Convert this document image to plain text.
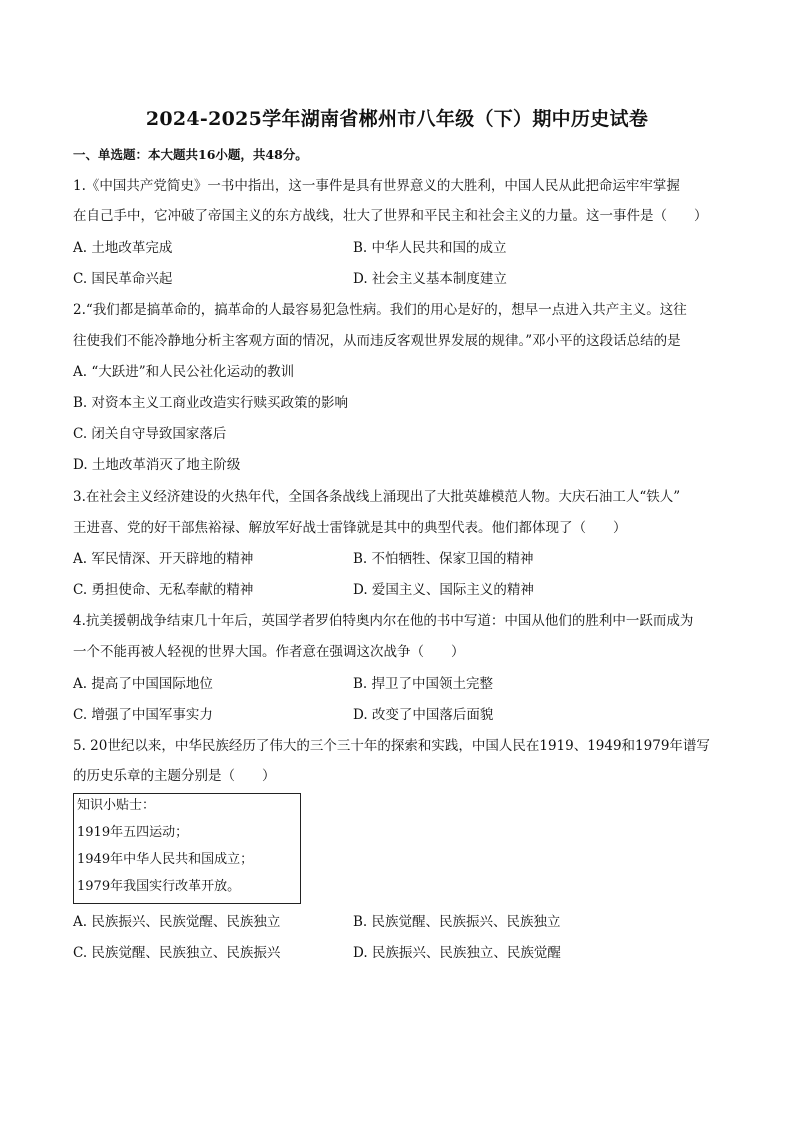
2024-2025学年湖南省郴州市八年级（下）期中历史试卷
一、单选题：本大题共16小题，共48分。
1.《中国共产党简史》一书中指出，这一事件是具有世界意义的大胜利，中国人民从此把命运牢牢掌握
在自己手中，它冲破了帝国主义的东方战线，壮大了世界和平民主和社会主义的力量。这一事件是（　　）
A. 土地改革完成	B. 中华人民共和国的成立
C. 国民革命兴起	D. 社会主义基本制度建立
2.“我们都是搞革命的，搞革命的人最容易犯急性病。我们的用心是好的，想早一点进入共产主义。这往
往使我们不能冷静地分析主客观方面的情况，从而违反客观世界发展的规律。”邓小平的这段话总结的是
A. “大跃进”和人民公社化运动的教训
B. 对资本主义工商业改造实行赎买政策的影响
C. 闭关自守导致国家落后
D. 土地改革消灭了地主阶级
3.在社会主义经济建设的火热年代，全国各条战线上涌现出了大批英雄模范人物。大庆石油工人“铁人”
王进喜、党的好干部焦裕禄、解放军好战士雷锋就是其中的典型代表。他们都体现了（　　）
A. 军民情深、开天辟地的精神	B. 不怕牺牲、保家卫国的精神
C. 勇担使命、无私奉献的精神	D. 爱国主义、国际主义的精神
4.抗美援朝战争结束几十年后，英国学者罗伯特奥内尔在他的书中写道：中国从他们的胜利中一跃而成为
一个不能再被人轻视的世界大国。作者意在强调这次战争（　　）
A. 提高了中国国际地位	B. 捍卫了中国领土完整
C. 增强了中国军事实力	D. 改变了中国落后面貌
5. 20世纪以来，中华民族经历了伟大的三个三十年的探索和实践，中国人民在1919、1949和1979年谱写
的历史乐章的主题分别是（　　）
知识小贴士：
1919年五四运动；
1949年中华人民共和国成立；
1979年我国实行改革开放。
A. 民族振兴、民族觉醒、民族独立	B. 民族觉醒、民族振兴、民族独立
C. 民族觉醒、民族独立、民族振兴	D. 民族振兴、民族独立、民族觉醒
